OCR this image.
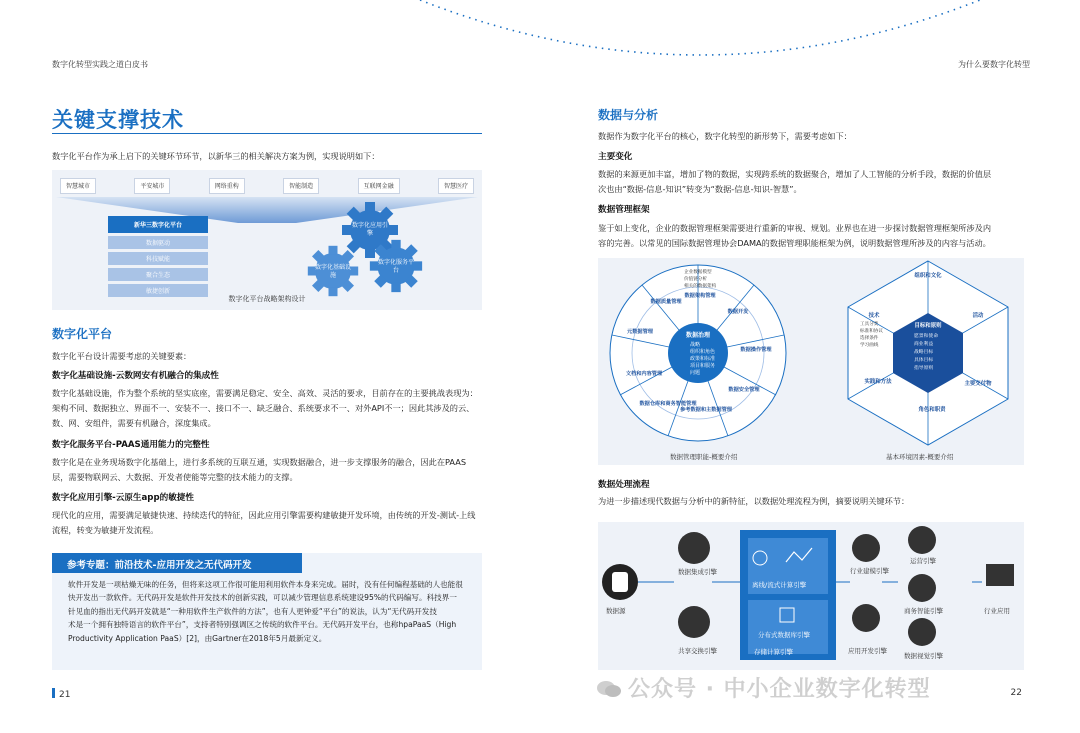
数字化转型实践之道白皮书
关键支撑技术
数字化平台作为承上启下的关键环节环节，以新华三的相关解决方案为例，实现说明如下：
智慧城市	平安城市	网络重构	智能制造	互联网金融	智慧医疗
新华三数字化平台
数据驱动
科技赋能
聚合生态
敏捷创新
数字化应用引擎
数字化基础设施
数字化服务平台
数字化平台战略架构设计
数字化平台
数字化平台设计需要考虑的关键要素：
数字化基础设施-云数网安有机融合的集成性
数字化基础设施，作为整个系统的坚实底座，需要满足稳定、安全、高效、灵活的要求，目前存在的主要挑战表现为：
架构不同、数据独立、界面不一、安装不一、接口不一、缺乏融合、系统要求不一、对外API不一；因此其涉及的云、
数、网、安组件，需要有机融合，深度集成。
数字化服务平台-PAAS通用能力的完整性
数字化是在业务现场数字化基础上，进行多系统的互联互通，实现数据融合，进一步支撑服务的融合，因此在PAAS
层，需要物联网云、大数据、开发者使能等完整的技术能力的支撑。
数字化应用引擎-云原生app的敏捷性
现代化的应用，需要满足敏捷快速、持续迭代的特征，因此应用引擎需要构建敏捷开发环境，由传统的开发-测试-上线
流程，转变为敏捷开发流程。
参考专题：前沿技术-应用开发之无代码开发
软件开发是一项枯燥无味的任务，但将来这项工作很可能用利用软件本身来完成。届时，没有任何编程基础的人也能很
快开发出一款软件。无代码开发是软件开发技术的创新实践，可以减少管理信息系统建设95%的代码编写。科技界一
针见血的指出无代码开发就是“一种用软件生产软件的方法”，也有人更钟爱“平台”的说法，认为“无代码开发技
术是一个拥有独特语言的软件平台”，支持者特别强调区之传统的软件平台。无代码开发平台，也称hpaPaaS（High
Productivity Application PaaS）[2]，由Gartner在2018年5月最新定义。
21
为什么要数字化转型
数据与分析
数据作为数字化平台的核心，数字化转型的新形势下，需要考虑如下：
主要变化
数据的来源更加丰富，增加了物的数据，实现跨系统的数据聚合，增加了人工智能的分析手段，数据的价值层
次也由“数据-信息-知识”转变为“数据-信息-知识-智慧”。
数据管理框架
鉴于如上变化，企业的数据管理框架需要进行重新的审视、规划。业界也在进一步探讨数据管理框架所涉及内
容的完善。以常见的国际数据管理协会DAMA的数据管理职能框架为例，说明数据管理所涉及的内容与活动。
数据治理
战略
组织和角色
政策和标准
项目和服务
问题
数据架构管理
数据开发
数据操作管理
数据安全管理
参考数据和主数据管理
数据仓库和商务智能管理
文档和内容管理
元数据管理
数据质量管理
企业数据模型
价值链分析
相关的数据架构
目标和原则
愿景和使命
商业利益
战略目标
具体目标
指导原则
组织和文化
活动
主要交付物
角色和职责
实践和方法
技术
工具分类
标准和协议
选择条件
学习曲线
数据管理职能-概要介绍	基本环境因素-概要介绍
数据处理流程
为进一步描述现代数据与分析中的新特征，以数据处理流程为例，摘要说明关键环节：
数据源
数据集成引擎
共享交换引擎
离线/流式计算引擎
分布式数据库引擎
存储计算引擎
行业建模引擎
应用开发引擎
运营引擎
商务智能引擎
数据视觉引擎
行业应用
22
公众号 · 中小企业数字化转型
